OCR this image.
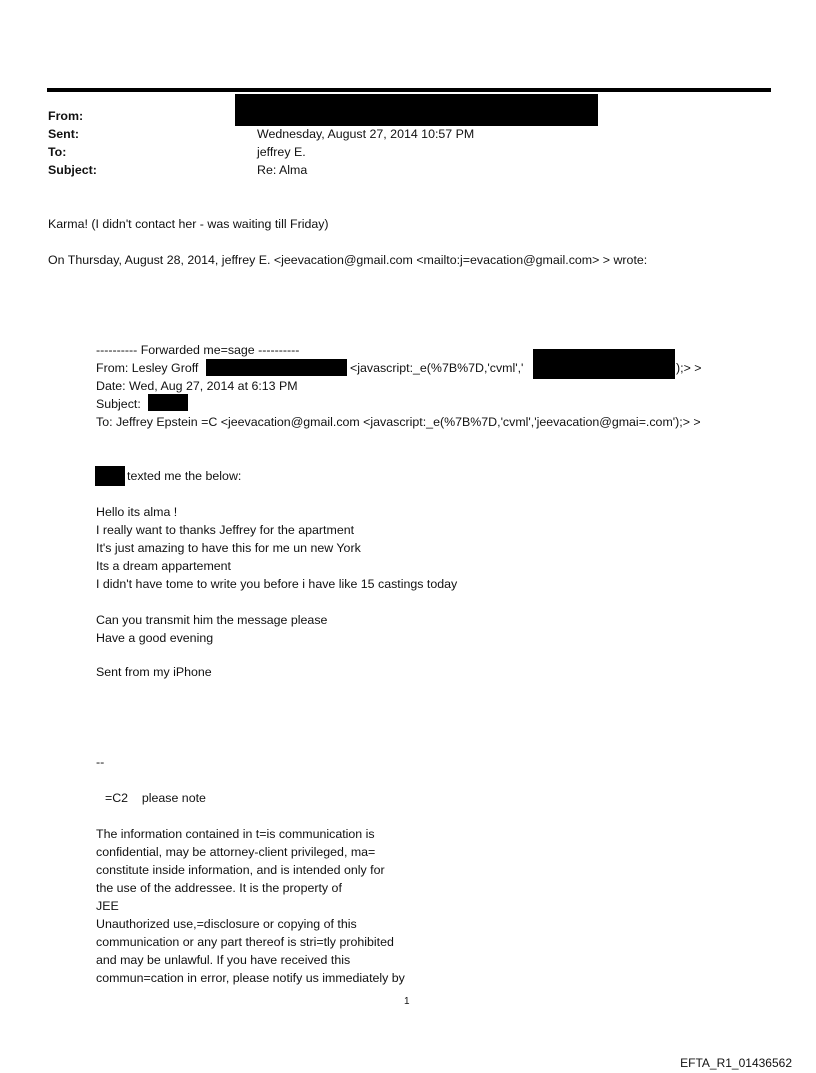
From:
Sent:	Wednesday, August 27, 2014 10:57 PM
To:	jeffrey E.
Subject:	Re: Alma
Karma! (I didn't contact her - was waiting till Friday)
On Thursday, August 28, 2014, jeffrey E. <jeevacation@gmail.com <mailto:j=evacation@gmail.com> > wrote:
---------- Forwarded me=sage ----------
From: Lesley Groff	<javascript:_e(%7B%7D,'cvml','	);> >
Date: Wed, Aug 27, 2014 at 6:13 PM
Subject:
To: Jeffrey Epstein =C <jeevacation@gmail.com <javascript:_e(%7B%7D,'cvml','jeevacation@gmai=.com');> >
texted me the below:
Hello its alma !
I really want to thanks Jeffrey for the apartment
It's just amazing to have this for me un new York
Its a dream appartement
I didn't have tome to write you before i have like 15 castings today
Can you transmit him the message please
Have a good evening
Sent from my iPhone
--
=C2    please note
The information contained in t=is communication is
confidential, may be attorney-client privileged, ma=
constitute inside information, and is intended only for
the use of the addressee. It is the property of
JEE
Unauthorized use,=disclosure or copying of this
communication or any part thereof is stri=tly prohibited
and may be unlawful. If you have received this
commun=cation in error, please notify us immediately by
1
EFTA_R1_01436562
